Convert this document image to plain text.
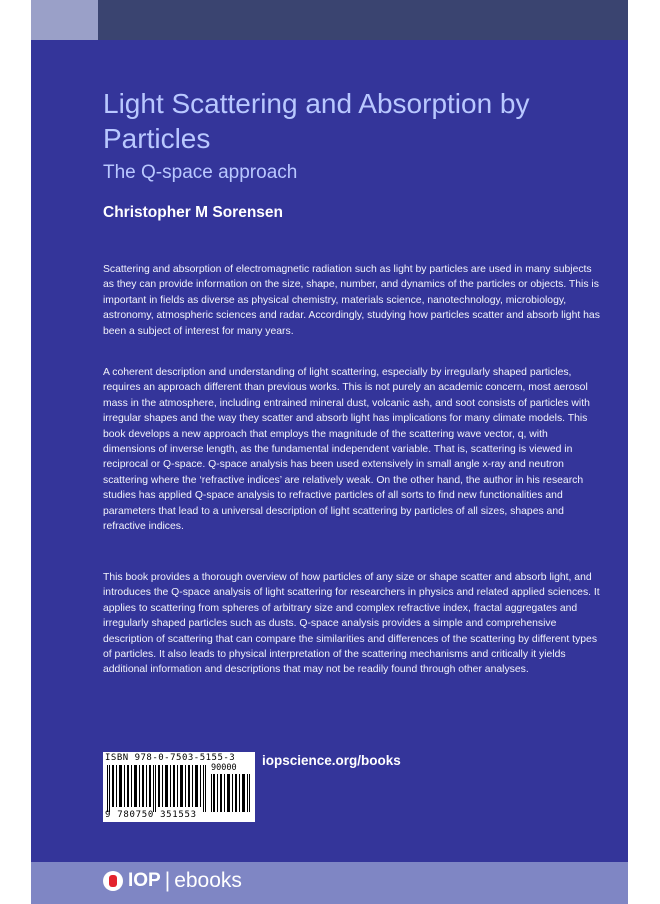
Light Scattering and Absorption by Particles
The Q-space approach
Christopher M Sorensen

Scattering and absorption of electromagnetic radiation such as light by particles are used in many subjects as they can provide information on the size, shape, number, and dynamics of the particles or objects. This is important in fields as diverse as physical chemistry, materials science, nanotechnology, microbiology, astronomy, atmospheric sciences and radar. Accordingly, studying how particles scatter and absorb light has been a subject of interest for many years.

A coherent description and understanding of light scattering, especially by irregularly shaped particles, requires an approach different than previous works. This is not purely an academic concern, most aerosol mass in the atmosphere, including entrained mineral dust, volcanic ash, and soot consists of particles with irregular shapes and the way they scatter and absorb light has implications for many climate models. This book develops a new approach that employs the magnitude of the scattering wave vector, q, with dimensions of inverse length, as the fundamental independent variable. That is, scattering is viewed in reciprocal or Q-space. Q-space analysis has been used extensively in small angle x-ray and neutron scattering where the ‘refractive indices’ are relatively weak. On the other hand, the author in his research studies has applied Q-space analysis to refractive particles of all sorts to find new functionalities and parameters that lead to a universal description of light scattering by particles of all sizes, shapes and refractive indices.

This book provides a thorough overview of how particles of any size or shape scatter and absorb light, and introduces the Q-space analysis of light scattering for researchers in physics and related applied sciences. It applies to scattering from spheres of arbitrary size and complex refractive index, fractal aggregates and irregularly shaped particles such as dusts. Q-space analysis provides a simple and comprehensive description of scattering that can compare the similarities and differences of the scattering by different types of particles. It also leads to physical interpretation of the scattering mechanisms and critically it yields additional information and descriptions that may not be readily found through other analyses.

ISBN 978-0-7503-5155-3
90000
9 780750 351553
iopscience.org/books
IOP | ebooks
